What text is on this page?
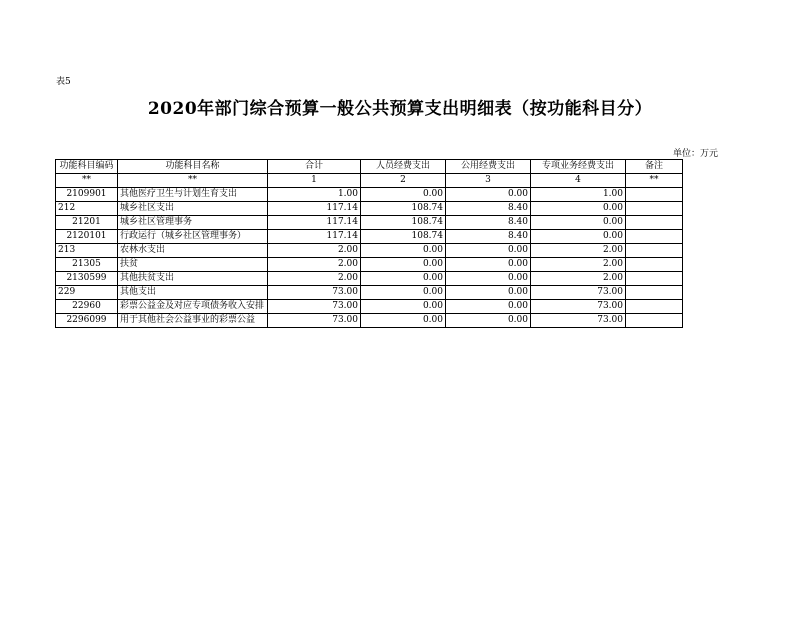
表5
2020年部门综合预算一般公共预算支出明细表（按功能科目分）
单位：万元
功能科目编码	功能科目名称	合计	人员经费支出	公用经费支出	专项业务经费支出	备注
**	**	1	2	3	4	**
2109901	其他医疗卫生与计划生育支出	1.00	0.00	0.00	1.00	
212	城乡社区支出	117.14	108.74	8.40	0.00	
21201	城乡社区管理事务	117.14	108.74	8.40	0.00	
2120101	行政运行（城乡社区管理事务）	117.14	108.74	8.40	0.00	
213	农林水支出	2.00	0.00	0.00	2.00	
21305	扶贫	2.00	0.00	0.00	2.00	
2130599	其他扶贫支出	2.00	0.00	0.00	2.00	
229	其他支出	73.00	0.00	0.00	73.00	
22960	彩票公益金及对应专项债务收入安排	73.00	0.00	0.00	73.00	
2296099	用于其他社会公益事业的彩票公益	73.00	0.00	0.00	73.00	
